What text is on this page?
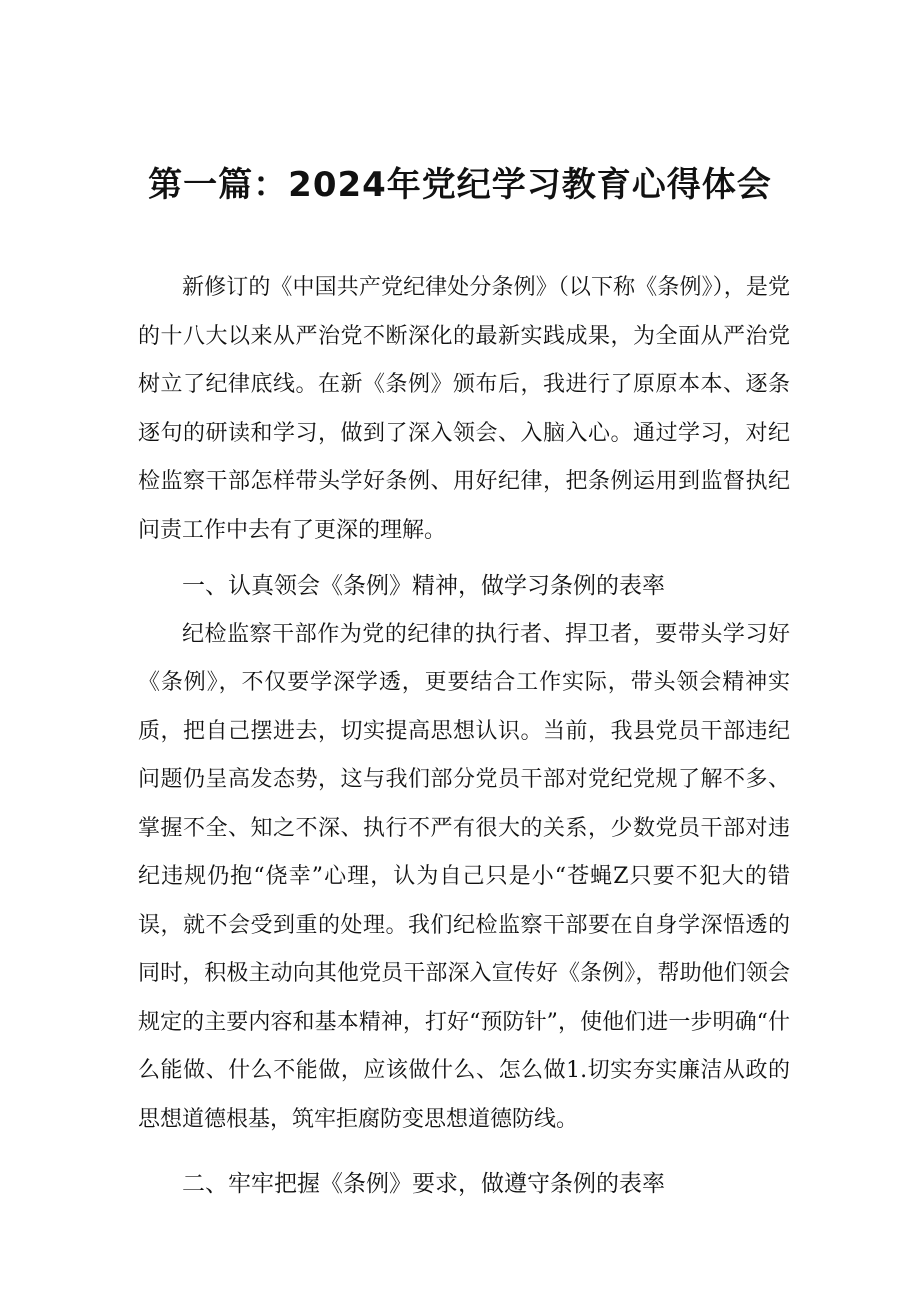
第一篇：2024年党纪学习教育心得体会

新修订的《中国共产党纪律处分条例》（以下称《条例》），是党的十八大以来从严治党不断深化的最新实践成果，为全面从严治党树立了纪律底线。在新《条例》颁布后，我进行了原原本本、逐条逐句的研读和学习，做到了深入领会、入脑入心。通过学习，对纪检监察干部怎样带头学好条例、用好纪律，把条例运用到监督执纪问责工作中去有了更深的理解。

一、认真领会《条例》精神，做学习条例的表率

纪检监察干部作为党的纪律的执行者、捍卫者，要带头学习好《条例》，不仅要学深学透，更要结合工作实际，带头领会精神实质，把自己摆进去，切实提高思想认识。当前，我县党员干部违纪问题仍呈高发态势，这与我们部分党员干部对党纪党规了解不多、掌握不全、知之不深、执行不严有很大的关系，少数党员干部对违纪违规仍抱“侥幸”心理，认为自己只是小“苍蝇Z只要不犯大的错误，就不会受到重的处理。我们纪检监察干部要在自身学深悟透的同时，积极主动向其他党员干部深入宣传好《条例》，帮助他们领会规定的主要内容和基本精神，打好“预防针”，使他们进一步明确“什么能做、什么不能做，应该做什么、怎么做1.切实夯实廉洁从政的思想道德根基，筑牢拒腐防变思想道德防线。

二、牢牢把握《条例》要求，做遵守条例的表率
